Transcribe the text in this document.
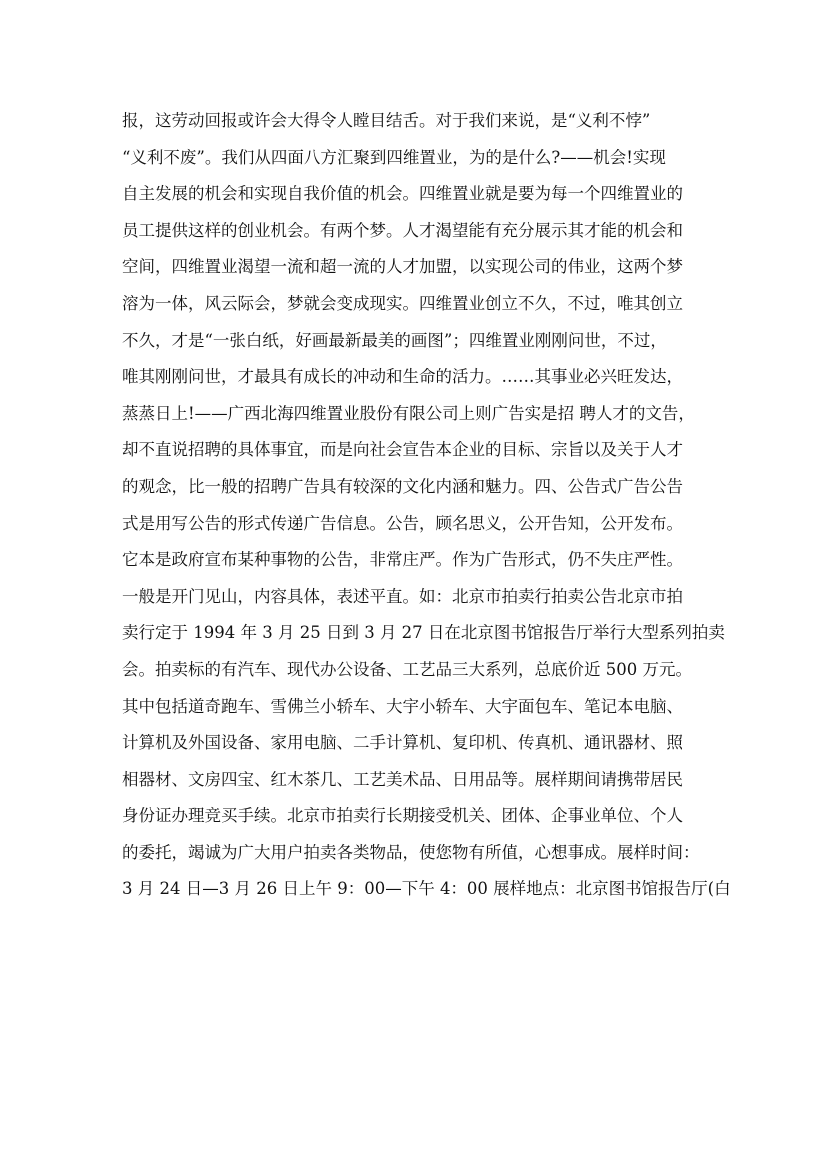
报，这劳动回报或许会大得令人瞠目结舌。对于我们来说，是“义利不悖”
“义利不废”。我们从四面八方汇聚到四维置业，为的是什么?——机会!实现
自主发展的机会和实现自我价值的机会。四维置业就是要为每一个四维置业的
员工提供这样的创业机会。有两个梦。人才渴望能有充分展示其才能的机会和
空间，四维置业渴望一流和超一流的人才加盟，以实现公司的伟业，这两个梦
溶为一体，风云际会，梦就会变成现实。四维置业创立不久，不过，唯其创立
不久，才是“一张白纸，好画最新最美的画图”；四维置业刚刚问世，不过，
唯其刚刚问世，才最具有成长的冲动和生命的活力。……其事业必兴旺发达，
蒸蒸日上!——广西北海四维置业股份有限公司上则广告实是招 聘人才的文告，
却不直说招聘的具体事宜，而是向社会宣告本企业的目标、宗旨以及关于人才
的观念，比一般的招聘广告具有较深的文化内涵和魅力。四、公告式广告公告
式是用写公告的形式传递广告信息。公告，顾名思义，公开告知，公开发布。
它本是政府宣布某种事物的公告，非常庄严。作为广告形式，仍不失庄严性。
一般是开门见山，内容具体，表述平直。如：北京市拍卖行拍卖公告北京市拍
卖行定于 1994 年 3 月 25 日到 3 月 27 日在北京图书馆报告厅举行大型系列拍卖
会。拍卖标的有汽车、现代办公设备、工艺品三大系列，总底价近 500 万元。
其中包括道奇跑车、雪佛兰小轿车、大宇小轿车、大宇面包车、笔记本电脑、
计算机及外国设备、家用电脑、二手计算机、复印机、传真机、通讯器材、照
相器材、文房四宝、红木茶几、工艺美术品、日用品等。展样期间请携带居民
身份证办理竞买手续。北京市拍卖行长期接受机关、团体、企事业单位、个人
的委托，竭诚为广大用户拍卖各类物品，使您物有所值，心想事成。展样时间：
3 月 24 日—3 月 26 日上午 9：00—下午 4：00 展样地点：北京图书馆报告厅(白
